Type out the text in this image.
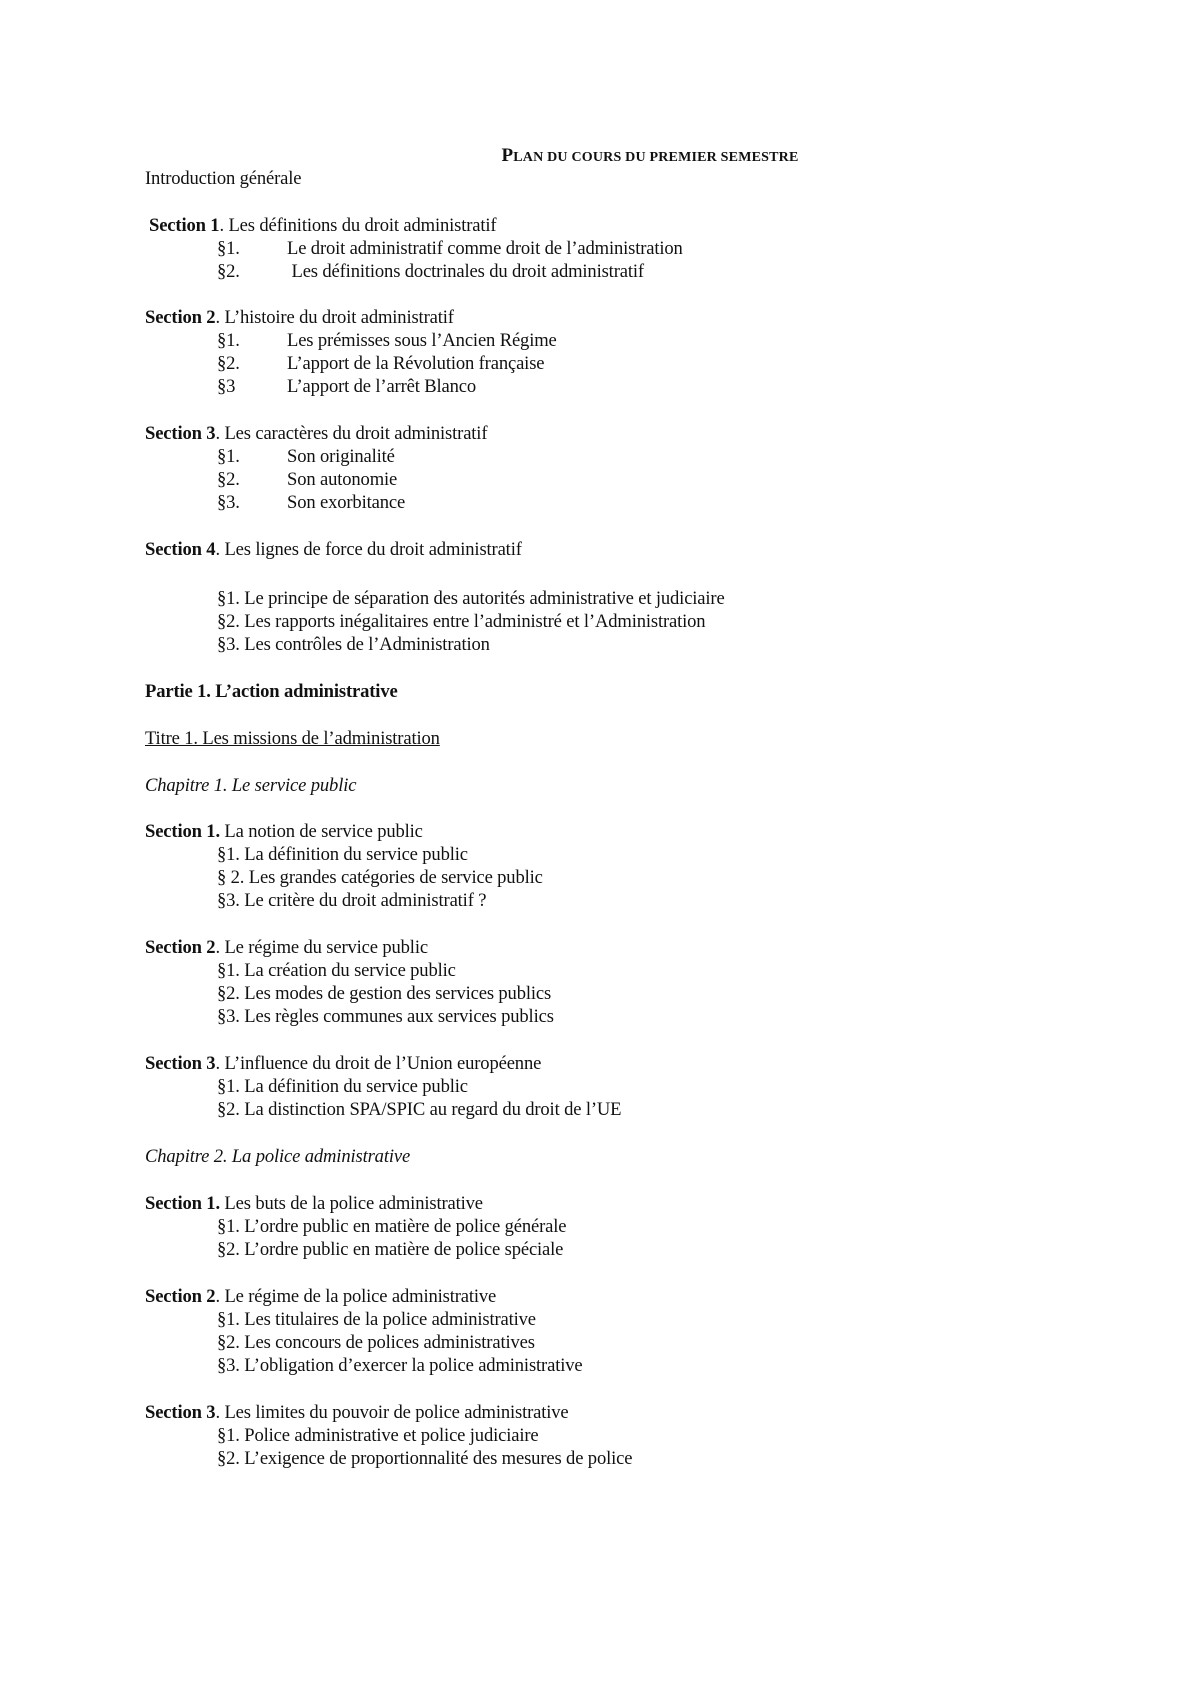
PLAN DU COURS DU PREMIER SEMESTRE
Introduction générale
Section 1. Les définitions du droit administratif
§1.	Le droit administratif comme droit de l’administration
§2.	Les définitions doctrinales du droit administratif
Section 2. L’histoire du droit administratif
§1.	Les prémisses sous l’Ancien Régime
§2.	L’apport de la Révolution française
§3	L’apport de l’arrêt Blanco
Section 3. Les caractères du droit administratif
§1.	Son originalité
§2.	Son autonomie
§3.	Son exorbitance
Section 4. Les lignes de force du droit administratif
§1. Le principe de séparation des autorités administrative et judiciaire
§2. Les rapports inégalitaires entre l’administré et l’Administration
§3. Les contrôles de l’Administration
Partie 1. L’action administrative
Titre 1. Les missions de l’administration
Chapitre 1. Le service public
Section 1. La notion de service public
§1. La définition du service public
§ 2. Les grandes catégories de service public
§3. Le critère du droit administratif ?
Section 2. Le régime du service public
§1. La création du service public
§2. Les modes de gestion des services publics
§3. Les règles communes aux services publics
Section 3. L’influence du droit de l’Union européenne
§1. La définition du service public
§2. La distinction SPA/SPIC au regard du droit de l’UE
Chapitre 2. La police administrative
Section 1. Les buts de la police administrative
§1. L’ordre public en matière de police générale
§2. L’ordre public en matière de police spéciale
Section 2. Le régime de la police administrative
§1. Les titulaires de la police administrative
§2. Les concours de polices administratives
§3. L’obligation d’exercer la police administrative
Section 3. Les limites du pouvoir de police administrative
§1. Police administrative et police judiciaire
§2. L’exigence de proportionnalité des mesures de police
